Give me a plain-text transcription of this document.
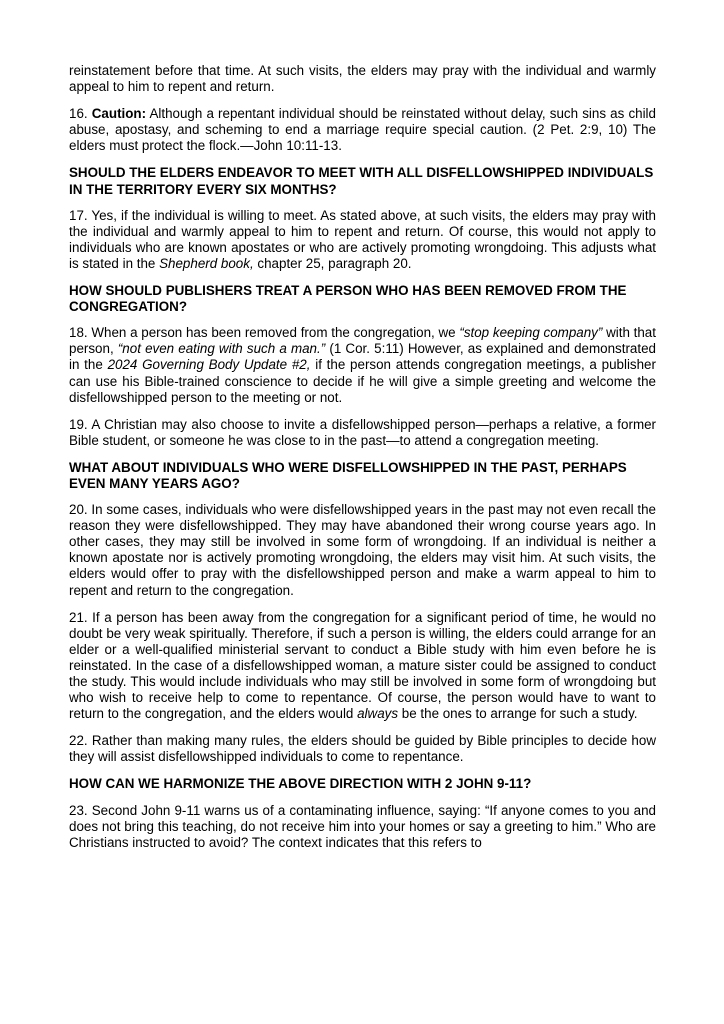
reinstatement before that time. At such visits, the elders may pray with the individual and warmly appeal to him to repent and return.

16. Caution: Although a repentant individual should be reinstated without delay, such sins as child abuse, apostasy, and scheming to end a marriage require special caution. (2 Pet. 2:9, 10) The elders must protect the flock.—John 10:11-13.

SHOULD THE ELDERS ENDEAVOR TO MEET WITH ALL DISFELLOWSHIPPED INDIVIDUALS IN THE TERRITORY EVERY SIX MONTHS?

17. Yes, if the individual is willing to meet. As stated above, at such visits, the elders may pray with the individual and warmly appeal to him to repent and return. Of course, this would not apply to individuals who are known apostates or who are actively promoting wrongdoing. This adjusts what is stated in the Shepherd book, chapter 25, paragraph 20.

HOW SHOULD PUBLISHERS TREAT A PERSON WHO HAS BEEN REMOVED FROM THE CONGREGATION?

18. When a person has been removed from the congregation, we “stop keeping company” with that person, “not even eating with such a man.” (1 Cor. 5:11) However, as explained and demonstrated in the 2024 Governing Body Update #2, if the person attends congregation meetings, a publisher can use his Bible-trained conscience to decide if he will give a simple greeting and welcome the disfellowshipped person to the meeting or not.

19. A Christian may also choose to invite a disfellowshipped person—perhaps a relative, a former Bible student, or someone he was close to in the past—to attend a congregation meeting.

WHAT ABOUT INDIVIDUALS WHO WERE DISFELLOWSHIPPED IN THE PAST, PERHAPS EVEN MANY YEARS AGO?

20. In some cases, individuals who were disfellowshipped years in the past may not even recall the reason they were disfellowshipped. They may have abandoned their wrong course years ago. In other cases, they may still be involved in some form of wrongdoing. If an individual is neither a known apostate nor is actively promoting wrongdoing, the elders may visit him. At such visits, the elders would offer to pray with the disfellowshipped person and make a warm appeal to him to repent and return to the congregation.

21. If a person has been away from the congregation for a significant period of time, he would no doubt be very weak spiritually. Therefore, if such a person is willing, the elders could arrange for an elder or a well-qualified ministerial servant to conduct a Bible study with him even before he is reinstated. In the case of a disfellowshipped woman, a mature sister could be assigned to conduct the study. This would include individuals who may still be involved in some form of wrongdoing but who wish to receive help to come to repentance. Of course, the person would have to want to return to the congregation, and the elders would always be the ones to arrange for such a study.

22. Rather than making many rules, the elders should be guided by Bible principles to decide how they will assist disfellowshipped individuals to come to repentance.

HOW CAN WE HARMONIZE THE ABOVE DIRECTION WITH 2 JOHN 9-11?

23. Second John 9-11 warns us of a contaminating influence, saying: “If anyone comes to you and does not bring this teaching, do not receive him into your homes or say a greeting to him.” Who are Christians instructed to avoid? The context indicates that this refers to
